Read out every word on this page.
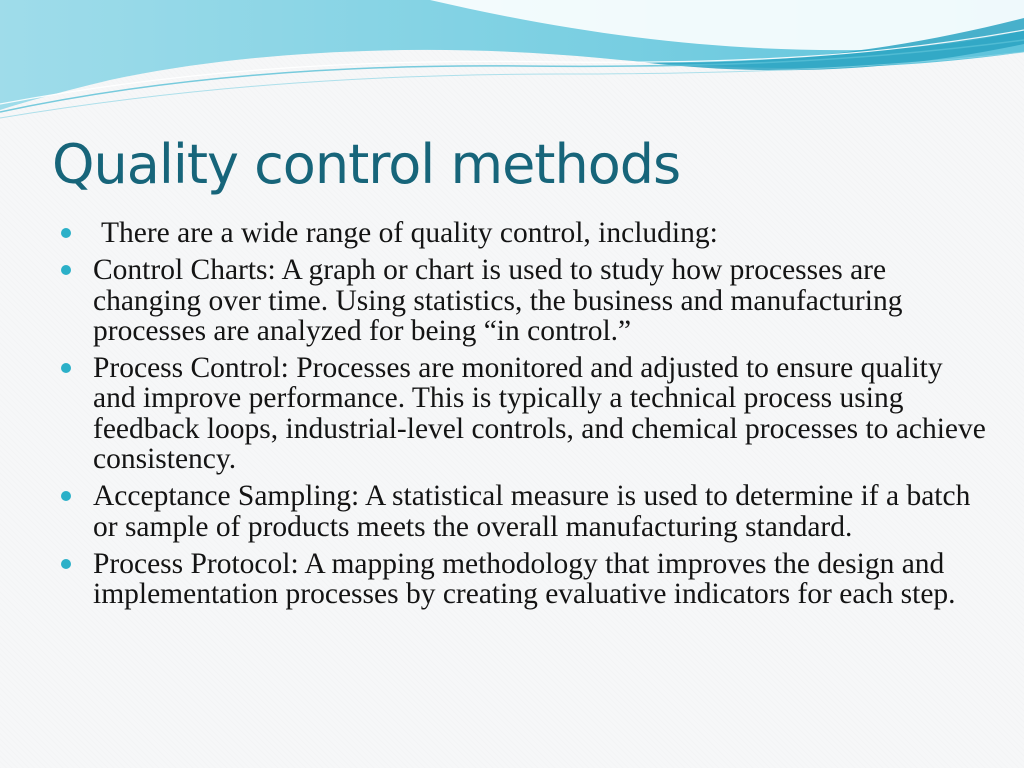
Quality control methods
There are a wide range of quality control, including:
Control Charts: A graph or chart is used to study how processes are changing over time. Using statistics, the business and manufacturing processes are analyzed for being “in control.”
Process Control: Processes are monitored and adjusted to ensure quality and improve performance. This is typically a technical process using feedback loops, industrial-level controls, and chemical processes to achieve consistency.
Acceptance Sampling: A statistical measure is used to determine if a batch or sample of products meets the overall manufacturing standard.
Process Protocol: A mapping methodology that improves the design and implementation processes by creating evaluative indicators for each step.
